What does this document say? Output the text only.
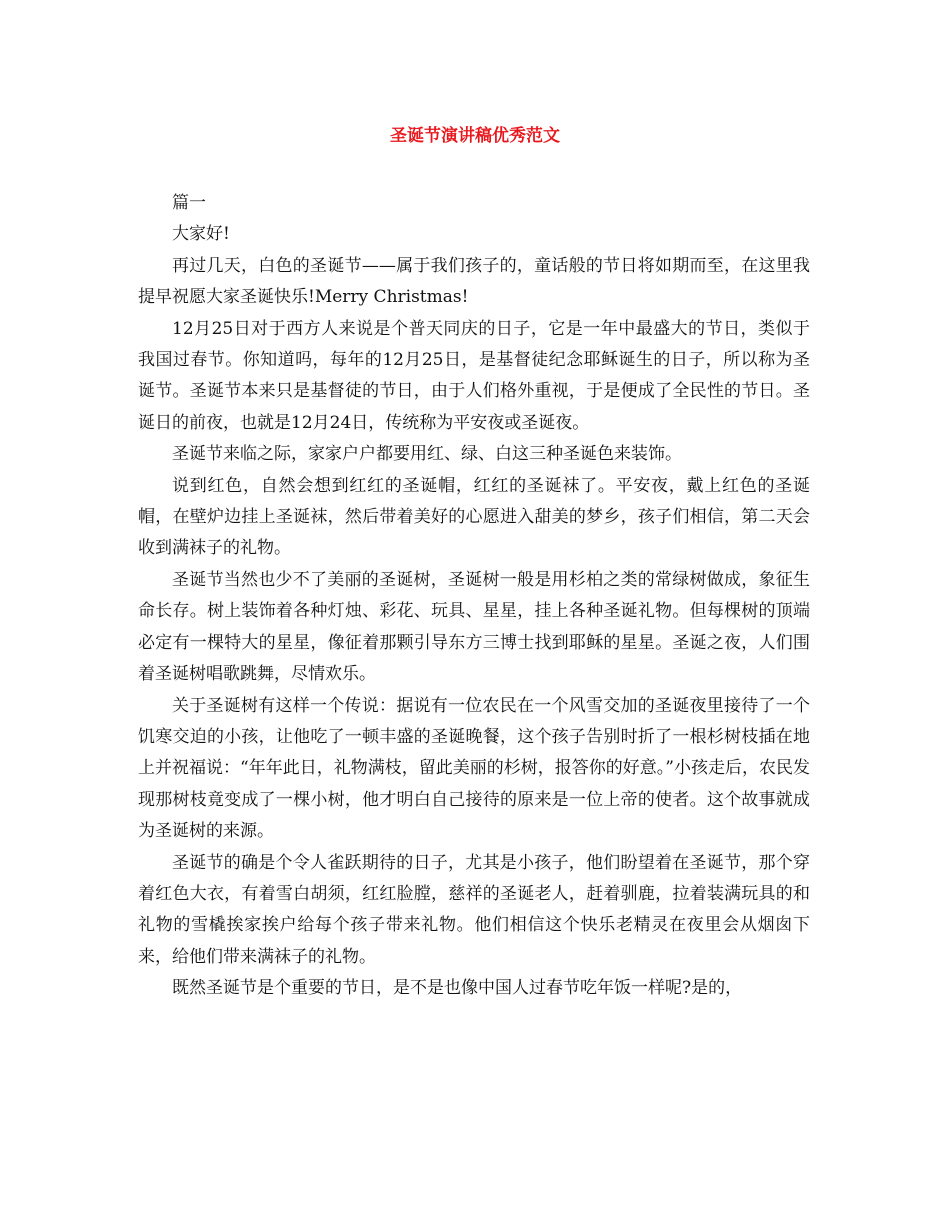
圣诞节演讲稿优秀范文

篇一

大家好!

再过几天，白色的圣诞节——属于我们孩子的，童话般的节日将如期而至，在这里我提早祝愿大家圣诞快乐!Merry Christmas!

12月25日对于西方人来说是个普天同庆的日子，它是一年中最盛大的节日，类似于我国过春节。你知道吗，每年的12月25日，是基督徒纪念耶稣诞生的日子，所以称为圣诞节。圣诞节本来只是基督徒的节日，由于人们格外重视，于是便成了全民性的节日。圣诞日的前夜，也就是12月24日，传统称为平安夜或圣诞夜。

圣诞节来临之际，家家户户都要用红、绿、白这三种圣诞色来装饰。

说到红色，自然会想到红红的圣诞帽，红红的圣诞袜了。平安夜，戴上红色的圣诞帽，在壁炉边挂上圣诞袜，然后带着美好的心愿进入甜美的梦乡，孩子们相信，第二天会收到满袜子的礼物。

圣诞节当然也少不了美丽的圣诞树，圣诞树一般是用杉柏之类的常绿树做成，象征生命长存。树上装饰着各种灯烛、彩花、玩具、星星，挂上各种圣诞礼物。但每棵树的顶端必定有一棵特大的星星，像征着那颗引导东方三博士找到耶稣的星星。圣诞之夜，人们围着圣诞树唱歌跳舞，尽情欢乐。

关于圣诞树有这样一个传说：据说有一位农民在一个风雪交加的圣诞夜里接待了一个饥寒交迫的小孩，让他吃了一顿丰盛的圣诞晚餐，这个孩子告别时折了一根杉树枝插在地上并祝福说：“年年此日，礼物满枝，留此美丽的杉树，报答你的好意。”小孩走后，农民发现那树枝竟变成了一棵小树，他才明白自己接待的原来是一位上帝的使者。这个故事就成为圣诞树的来源。

圣诞节的确是个令人雀跃期待的日子，尤其是小孩子，他们盼望着在圣诞节，那个穿着红色大衣，有着雪白胡须，红红脸膛，慈祥的圣诞老人，赶着驯鹿，拉着装满玩具的和礼物的雪橇挨家挨户给每个孩子带来礼物。他们相信这个快乐老精灵在夜里会从烟囱下来，给他们带来满袜子的礼物。

既然圣诞节是个重要的节日，是不是也像中国人过春节吃年饭一样呢?是的，
